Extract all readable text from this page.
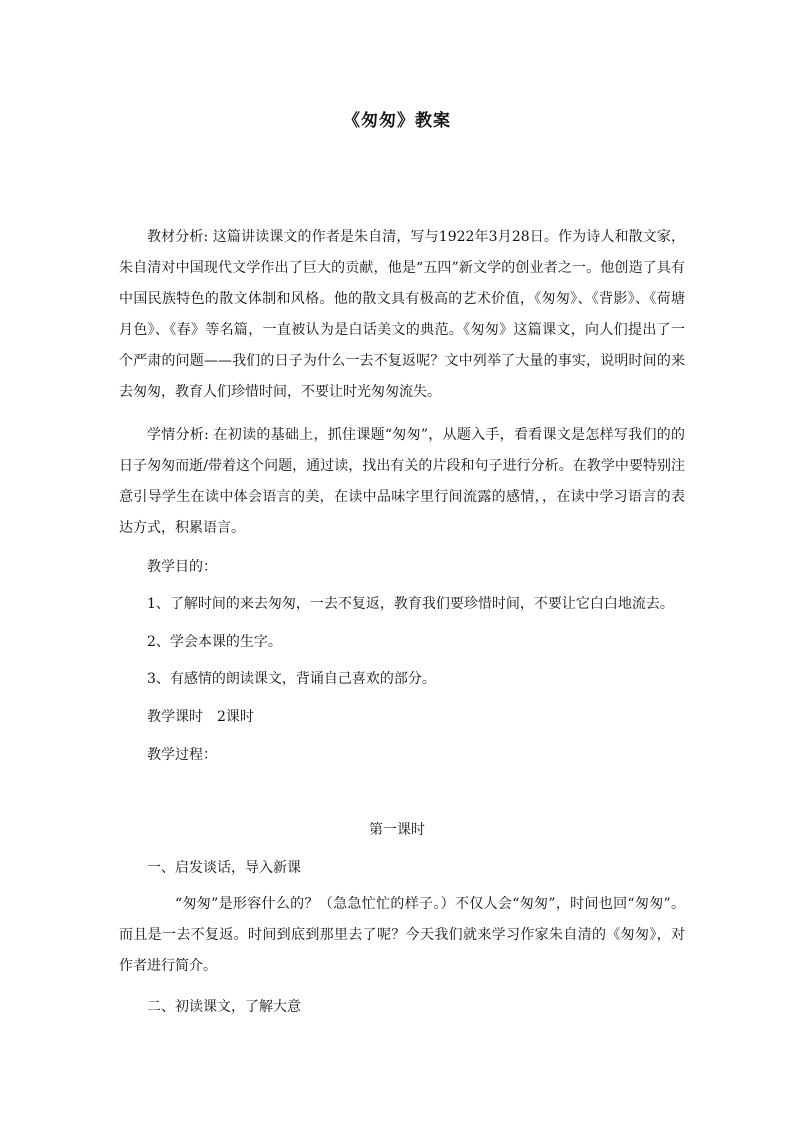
《匆匆》教案
教材分析: 这篇讲读课文的作者是朱自清，写与1922年3月28日。作为诗人和散文家，朱自清对中国现代文学作出了巨大的贡献，他是“五四”新文学的创业者之一。他创造了具有中国民族特色的散文体制和风格。他的散文具有极高的艺术价值，《匆匆》、《背影》、《荷塘月色》、《春》等名篇，一直被认为是白话美文的典范。《匆匆》这篇课文，向人们提出了一个严肃的问题——我们的日子为什么一去不复返呢？文中列举了大量的事实，说明时间的来去匆匆，教育人们珍惜时间，不要让时光匆匆流失。
学情分析: 在初读的基础上，抓住课题“匆匆”，从题入手，看看课文是怎样写我们的的日子匆匆而逝/带着这个问题，通过读，找出有关的片段和句子进行分析。在教学中要特别注意引导学生在读中体会语言的美，在读中品味字里行间流露的感情，，在读中学习语言的表达方式，积累语言。
教学目的：
1、了解时间的来去匆匆，一去不复返，教育我们要珍惜时间，不要让它白白地流去。
2、学会本课的生字。
3、有感情的朗读课文，背诵自己喜欢的部分。
教学课时　2课时
教学过程：
第一课时
一、启发谈话，导入新课
“匆匆”是形容什么的？（急急忙忙的样子。）不仅人会“匆匆”，时间也回“匆匆”。而且是一去不复返。时间到底到那里去了呢？今天我们就来学习作家朱自清的《匆匆》，对作者进行简介。
二、初读课文，了解大意
